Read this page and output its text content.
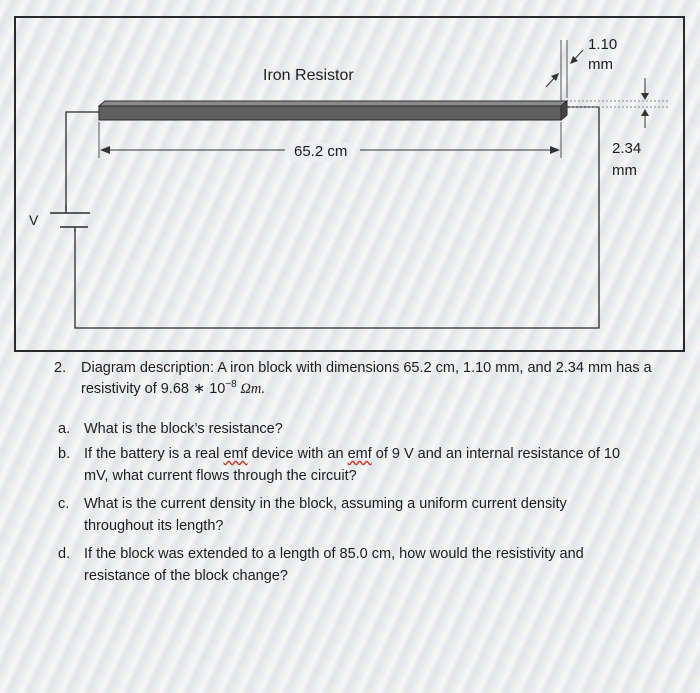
Iron Resistor
65.2 cm
1.10
mm
2.34
mm
V
2. Diagram description: A iron block with dimensions 65.2 cm, 1.10 mm, and 2.34 mm has a resistivity of 9.68 ∗ $10^{-8}$ Ωm.
a. What is the block’s resistance?
b. If the battery is a real emf device with an emf of 9 V and an internal resistance of 10 mV, what current flows through the circuit?
c. What is the current density in the block, assuming a uniform current density throughout its length?
d. If the block was extended to a length of 85.0 cm, how would the resistivity and resistance of the block change?
